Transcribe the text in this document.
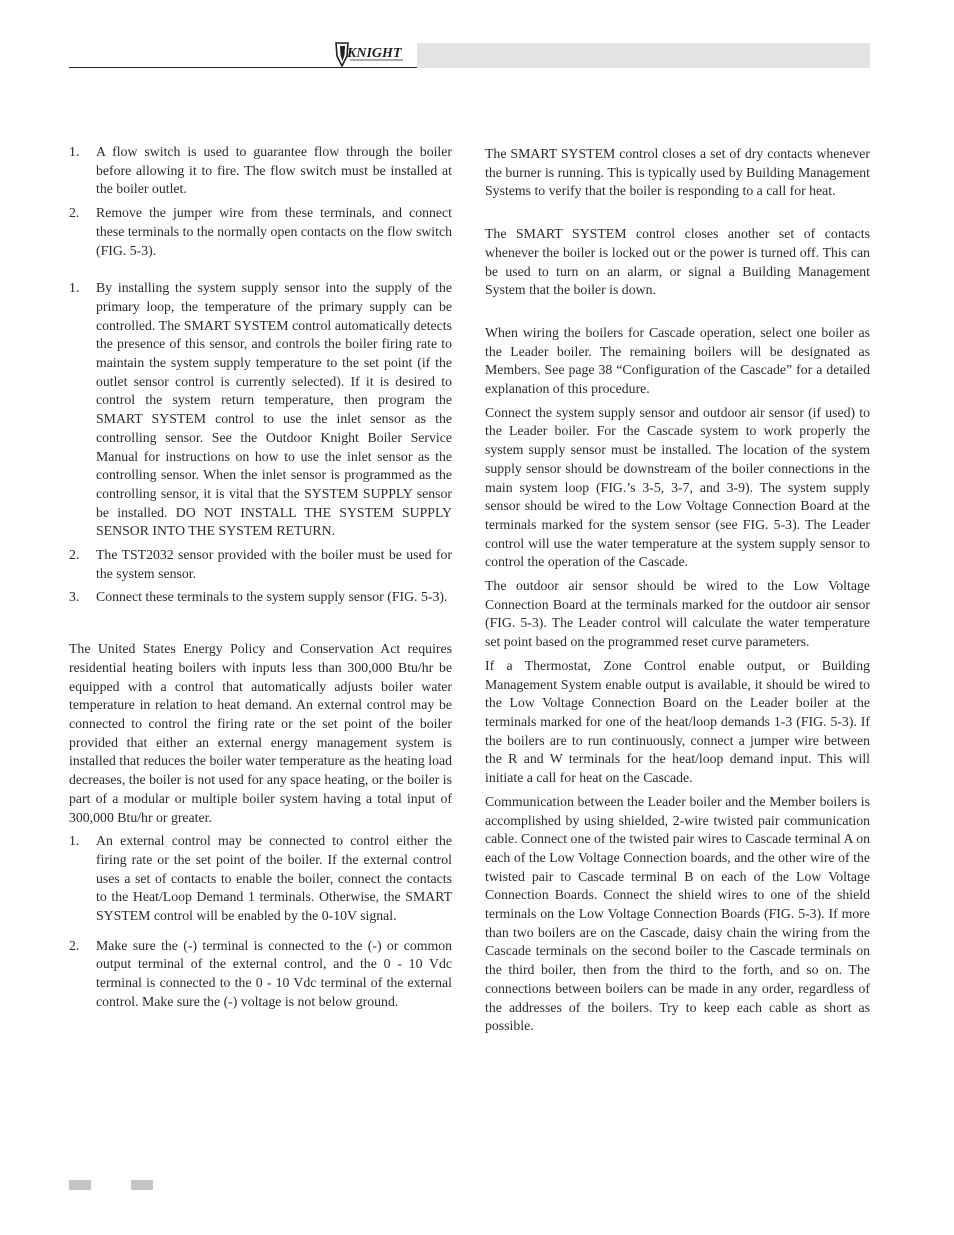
KNIGHT
1.	A flow switch is used to guarantee flow through the boiler before allowing it to fire. The flow switch must be installed at the boiler outlet.
2.	Remove the jumper wire from these terminals, and connect these terminals to the normally open contacts on the flow switch (FIG. 5-3).
1.	By installing the system supply sensor into the supply of the primary loop, the temperature of the primary supply can be controlled. The SMART SYSTEM control automatically detects the presence of this sensor, and controls the boiler firing rate to maintain the system supply temperature to the set point (if the outlet sensor control is currently selected). If it is desired to control the system return temperature, then program the SMART SYSTEM control to use the inlet sensor as the controlling sensor. See the Outdoor Knight Boiler Service Manual for instructions on how to use the inlet sensor as the controlling sensor. When the inlet sensor is programmed as the controlling sensor, it is vital that the SYSTEM SUPPLY sensor be installed. DO NOT INSTALL THE SYSTEM SUPPLY SENSOR INTO THE SYSTEM RETURN.
2.	The TST2032 sensor provided with the boiler must be used for the system sensor.
3.	Connect these terminals to the system supply sensor (FIG. 5-3).

The United States Energy Policy and Conservation Act requires residential heating boilers with inputs less than 300,000 Btu/hr be equipped with a control that automatically adjusts boiler water temperature in relation to heat demand. An external control may be connected to control the firing rate or the set point of the boiler provided that either an external energy management system is installed that reduces the boiler water temperature as the heating load decreases, the boiler is not used for any space heating, or the boiler is part of a modular or multiple boiler system having a total input of 300,000 Btu/hr or greater.

1.	An external control may be connected to control either the firing rate or the set point of the boiler. If the external control uses a set of contacts to enable the boiler, connect the contacts to the Heat/Loop Demand 1 terminals. Otherwise, the SMART SYSTEM control will be enabled by the 0-10V signal.
2.	Make sure the (-) terminal is connected to the (-) or common output terminal of the external control, and the 0 - 10 Vdc terminal is connected to the 0 - 10 Vdc terminal of the external control. Make sure the (-) voltage is not below ground.

The SMART SYSTEM control closes a set of dry contacts whenever the burner is running. This is typically used by Building Management Systems to verify that the boiler is responding to a call for heat.

The SMART SYSTEM control closes another set of contacts whenever the boiler is locked out or the power is turned off. This can be used to turn on an alarm, or signal a Building Management System that the boiler is down.

When wiring the boilers for Cascade operation, select one boiler as the Leader boiler. The remaining boilers will be designated as Members. See page 38 “Configuration of the Cascade” for a detailed explanation of this procedure.

Connect the system supply sensor and outdoor air sensor (if used) to the Leader boiler. For the Cascade system to work properly the system supply sensor must be installed. The location of the system supply sensor should be downstream of the boiler connections in the main system loop (FIG.’s 3-5, 3-7, and 3-9). The system supply sensor should be wired to the Low Voltage Connection Board at the terminals marked for the system sensor (see FIG. 5-3). The Leader control will use the water temperature at the system supply sensor to control the operation of the Cascade.

The outdoor air sensor should be wired to the Low Voltage Connection Board at the terminals marked for the outdoor air sensor (FIG. 5-3). The Leader control will calculate the water temperature set point based on the programmed reset curve parameters.

If a Thermostat, Zone Control enable output, or Building Management System enable output is available, it should be wired to the Low Voltage Connection Board on the Leader boiler at the terminals marked for one of the heat/loop demands 1-3 (FIG. 5-3). If the boilers are to run continuously, connect a jumper wire between the R and W terminals for the heat/loop demand input. This will initiate a call for heat on the Cascade.

Communication between the Leader boiler and the Member boilers is accomplished by using shielded, 2-wire twisted pair communication cable. Connect one of the twisted pair wires to Cascade terminal A on each of the Low Voltage Connection boards, and the other wire of the twisted pair to Cascade terminal B on each of the Low Voltage Connection Boards. Connect the shield wires to one of the shield terminals on the Low Voltage Connection Boards (FIG. 5-3). If more than two boilers are on the Cascade, daisy chain the wiring from the Cascade terminals on the second boiler to the Cascade terminals on the third boiler, then from the third to the forth, and so on. The connections between boilers can be made in any order, regardless of the addresses of the boilers. Try to keep each cable as short as possible.
